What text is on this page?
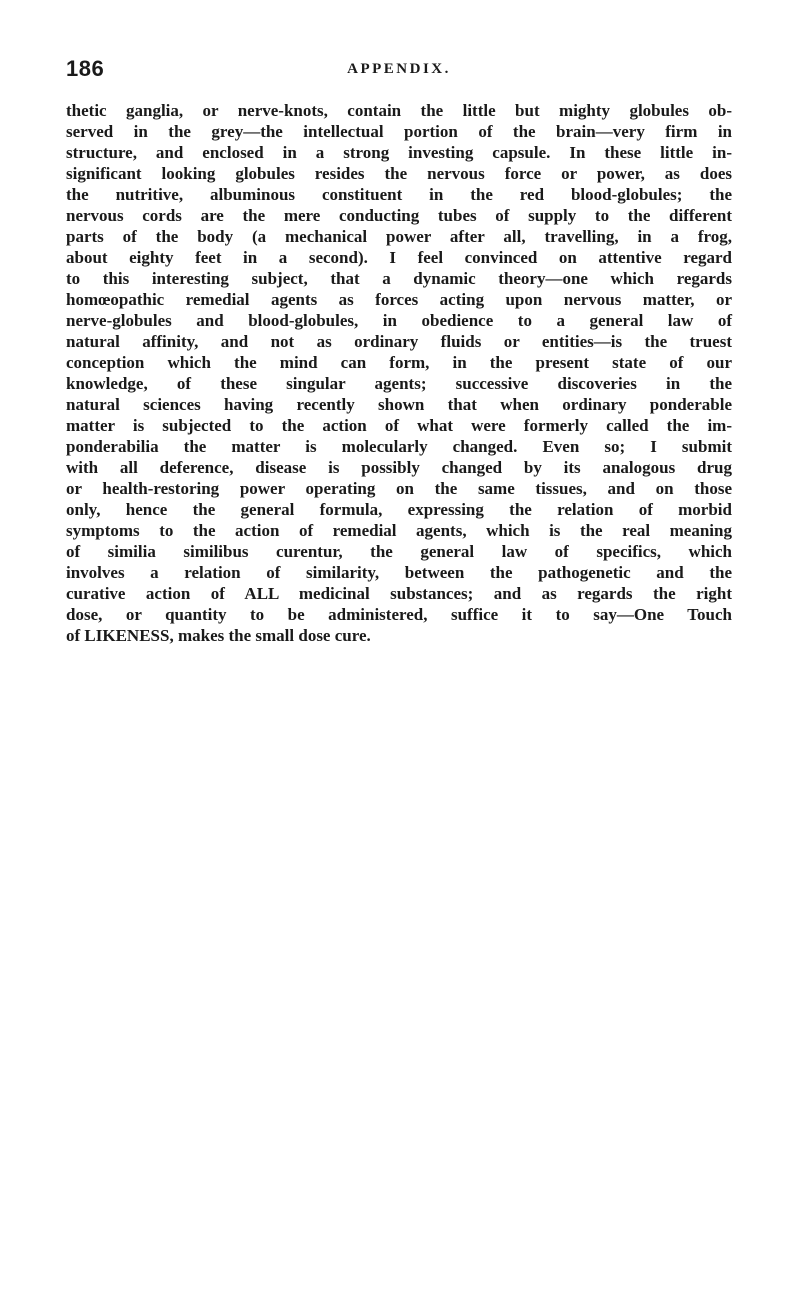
186	APPENDIX.
thetic ganglia, or nerve-knots, contain the little but mighty globules ob-
served in the grey—the intellectual portion of the brain—very firm in
structure, and enclosed in a strong investing capsule. In these little in-
significant looking globules resides the nervous force or power, as does
the nutritive, albuminous constituent in the red blood-globules; the
nervous cords are the mere conducting tubes of supply to the different
parts of the body (a mechanical power after all, travelling, in a frog,
about eighty feet in a second). I feel convinced on attentive regard
to this interesting subject, that a dynamic theory—one which regards
homœopathic remedial agents as forces acting upon nervous matter, or
nerve-globules and blood-globules, in obedience to a general law of
natural affinity, and not as ordinary fluids or entities—is the truest
conception which the mind can form, in the present state of our
knowledge, of these singular agents; successive discoveries in the
natural sciences having recently shown that when ordinary ponderable
matter is subjected to the action of what were formerly called the im-
ponderabilia the matter is molecularly changed. Even so; I submit
with all deference, disease is possibly changed by its analogous drug
or health-restoring power operating on the same tissues, and on those
only, hence the general formula, expressing the relation of morbid
symptoms to the action of remedial agents, which is the real meaning
of similia similibus curentur, the general law of specifics, which
involves a relation of similarity, between the pathogenetic and the
curative action of ALL medicinal substances; and as regards the right
dose, or quantity to be administered, suffice it to say—One Touch
of LIKENESS, makes the small dose cure.
